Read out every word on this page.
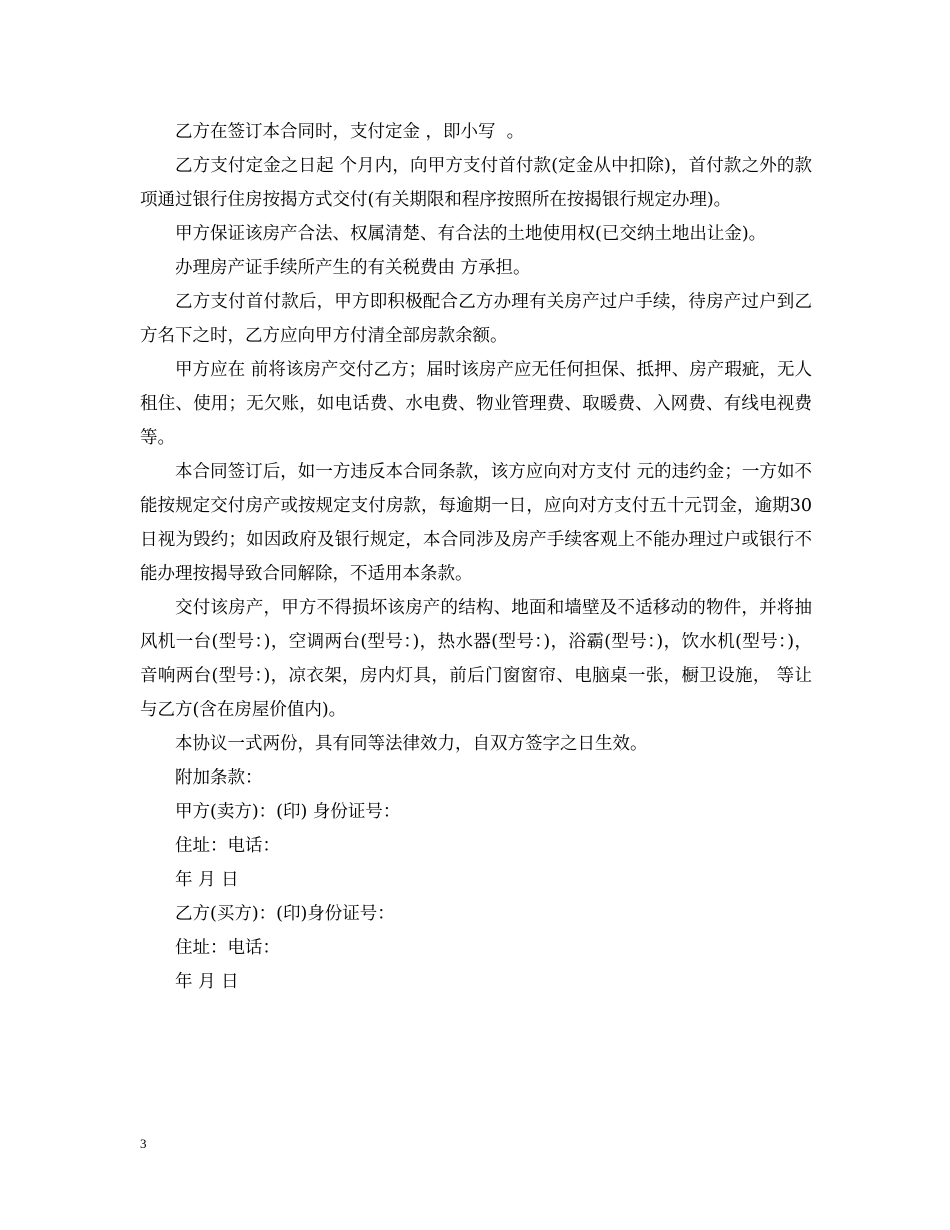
乙方在签订本合同时，支付定金 ，即小写  。

乙方支付定金之日起 个月内，向甲方支付首付款(定金从中扣除)，首付款之外的款项通过银行住房按揭方式交付(有关期限和程序按照所在按揭银行规定办理)。

甲方保证该房产合法、权属清楚、有合法的土地使用权(已交纳土地出让金)。

办理房产证手续所产生的有关税费由 方承担。

乙方支付首付款后，甲方即积极配合乙方办理有关房产过户手续，待房产过户到乙方名下之时，乙方应向甲方付清全部房款余额。

甲方应在 前将该房产交付乙方；届时该房产应无任何担保、抵押、房产瑕疵，无人租住、使用；无欠账，如电话费、水电费、物业管理费、取暖费、入网费、有线电视费等。

本合同签订后，如一方违反本合同条款，该方应向对方支付 元的违约金；一方如不能按规定交付房产或按规定支付房款，每逾期一日，应向对方支付五十元罚金，逾期30日视为毁约；如因政府及银行规定，本合同涉及房产手续客观上不能办理过户或银行不能办理按揭导致合同解除，不适用本条款。

交付该房产，甲方不得损坏该房产的结构、地面和墙壁及不适移动的物件，并将抽风机一台(型号：)，空调两台(型号：)，热水器(型号：)，浴霸(型号：)，饮水机(型号：)，音响两台(型号：)，凉衣架，房内灯具，前后门窗窗帘、电脑桌一张，橱卫设施， 等让与乙方(含在房屋价值内)。

本协议一式两份，具有同等法律效力，自双方签字之日生效。

附加条款：

甲方(卖方)：(印) 身份证号：

住址：电话：

年 月 日

乙方(买方)：(印)身份证号：

住址：电话：

年 月 日

3
